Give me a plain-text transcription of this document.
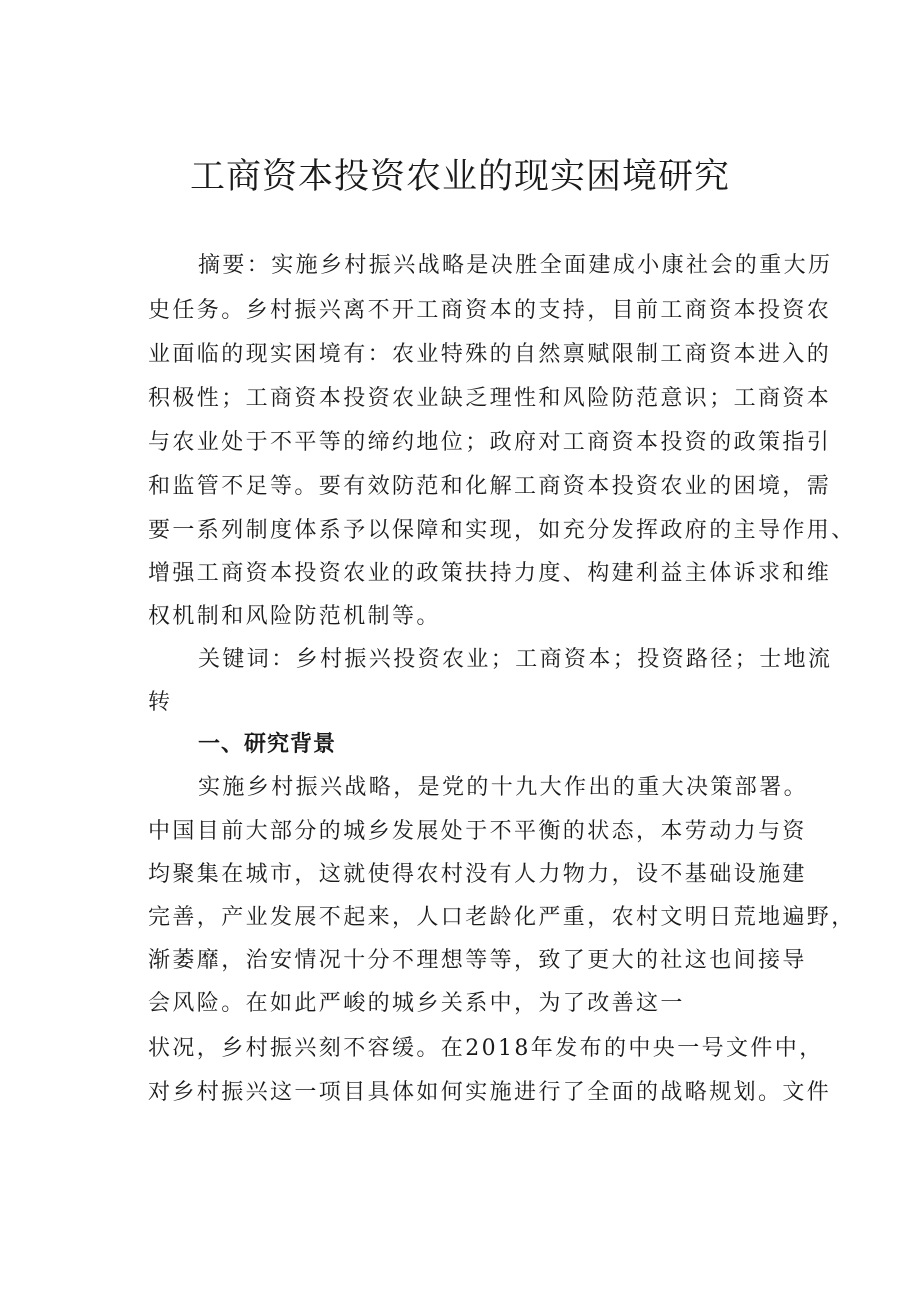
工商资本投资农业的现实困境研究
摘要：实施乡村振兴战略是决胜全面建成小康社会的重大历
史任务。乡村振兴离不开工商资本的支持，目前工商资本投资农
业面临的现实困境有：农业特殊的自然禀赋限制工商资本进入的
积极性；工商资本投资农业缺乏理性和风险防范意识；工商资本
与农业处于不平等的缔约地位；政府对工商资本投资的政策指引
和监管不足等。要有效防范和化解工商资本投资农业的困境，需
要一系列制度体系予以保障和实现，如充分发挥政府的主导作用、
增强工商资本投资农业的政策扶持力度、构建利益主体诉求和维
权机制和风险防范机制等。
关键词：乡村振兴投资农业；工商资本；投资路径；士地流
转
一、研究背景
实施乡村振兴战略，是党的十九大作出的重大决策部署。
中国目前大部分的城乡发展处于不平衡的状态，本劳动力与资
均聚集在城市，这就使得农村没有人力物力，设不基础设施建
完善，产业发展不起来，人口老龄化严重，农村文明日荒地遍野，
渐萎靡，治安情况十分不理想等等，致了更大的社这也间接导
会风险。在如此严峻的城乡关系中，为了改善这一
状况，乡村振兴刻不容缓。在2018年发布的中央一号文件中，
对乡村振兴这一项目具体如何实施进行了全面的战略规划。文件
